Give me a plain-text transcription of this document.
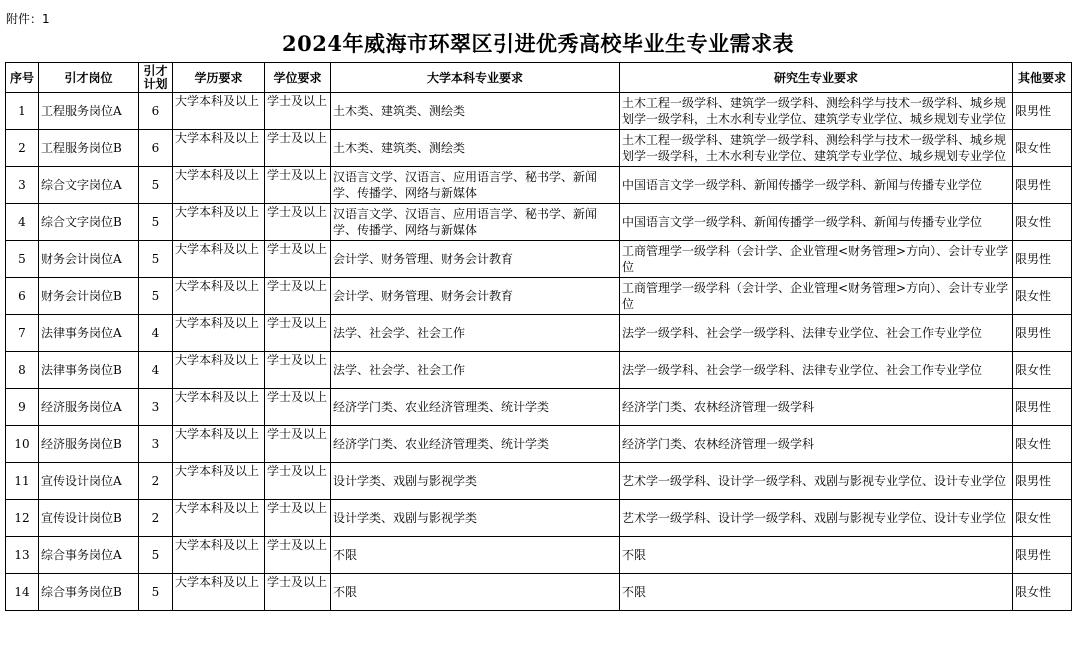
附件：1
2024年威海市环翠区引进优秀高校毕业生专业需求表
序号	引才岗位	引才计划	学历要求	学位要求	大学本科专业要求	研究生专业要求	其他要求
1	工程服务岗位A	6	大学本科及以上	学士及以上	土木类、建筑类、测绘类	土木工程一级学科、建筑学一级学科、测绘科学与技术一级学科、城乡规划学一级学科，土木水利专业学位、建筑学专业学位、城乡规划专业学位	限男性
2	工程服务岗位B	6	大学本科及以上	学士及以上	土木类、建筑类、测绘类	土木工程一级学科、建筑学一级学科、测绘科学与技术一级学科、城乡规划学一级学科，土木水利专业学位、建筑学专业学位、城乡规划专业学位	限女性
3	综合文字岗位A	5	大学本科及以上	学士及以上	汉语言文学、汉语言、应用语言学、秘书学、新闻学、传播学、网络与新媒体	中国语言文学一级学科、新闻传播学一级学科、新闻与传播专业学位	限男性
4	综合文字岗位B	5	大学本科及以上	学士及以上	汉语言文学、汉语言、应用语言学、秘书学、新闻学、传播学、网络与新媒体	中国语言文学一级学科、新闻传播学一级学科、新闻与传播专业学位	限女性
5	财务会计岗位A	5	大学本科及以上	学士及以上	会计学、财务管理、财务会计教育	工商管理学一级学科（会计学、企业管理<财务管理>方向）、会计专业学位	限男性
6	财务会计岗位B	5	大学本科及以上	学士及以上	会计学、财务管理、财务会计教育	工商管理学一级学科（会计学、企业管理<财务管理>方向）、会计专业学位	限女性
7	法律事务岗位A	4	大学本科及以上	学士及以上	法学、社会学、社会工作	法学一级学科、社会学一级学科、法律专业学位、社会工作专业学位	限男性
8	法律事务岗位B	4	大学本科及以上	学士及以上	法学、社会学、社会工作	法学一级学科、社会学一级学科、法律专业学位、社会工作专业学位	限女性
9	经济服务岗位A	3	大学本科及以上	学士及以上	经济学门类、农业经济管理类、统计学类	经济学门类、农林经济管理一级学科	限男性
10	经济服务岗位B	3	大学本科及以上	学士及以上	经济学门类、农业经济管理类、统计学类	经济学门类、农林经济管理一级学科	限女性
11	宣传设计岗位A	2	大学本科及以上	学士及以上	设计学类、戏剧与影视学类	艺术学一级学科、设计学一级学科、戏剧与影视专业学位、设计专业学位	限男性
12	宣传设计岗位B	2	大学本科及以上	学士及以上	设计学类、戏剧与影视学类	艺术学一级学科、设计学一级学科、戏剧与影视专业学位、设计专业学位	限女性
13	综合事务岗位A	5	大学本科及以上	学士及以上	不限	不限	限男性
14	综合事务岗位B	5	大学本科及以上	学士及以上	不限	不限	限女性
